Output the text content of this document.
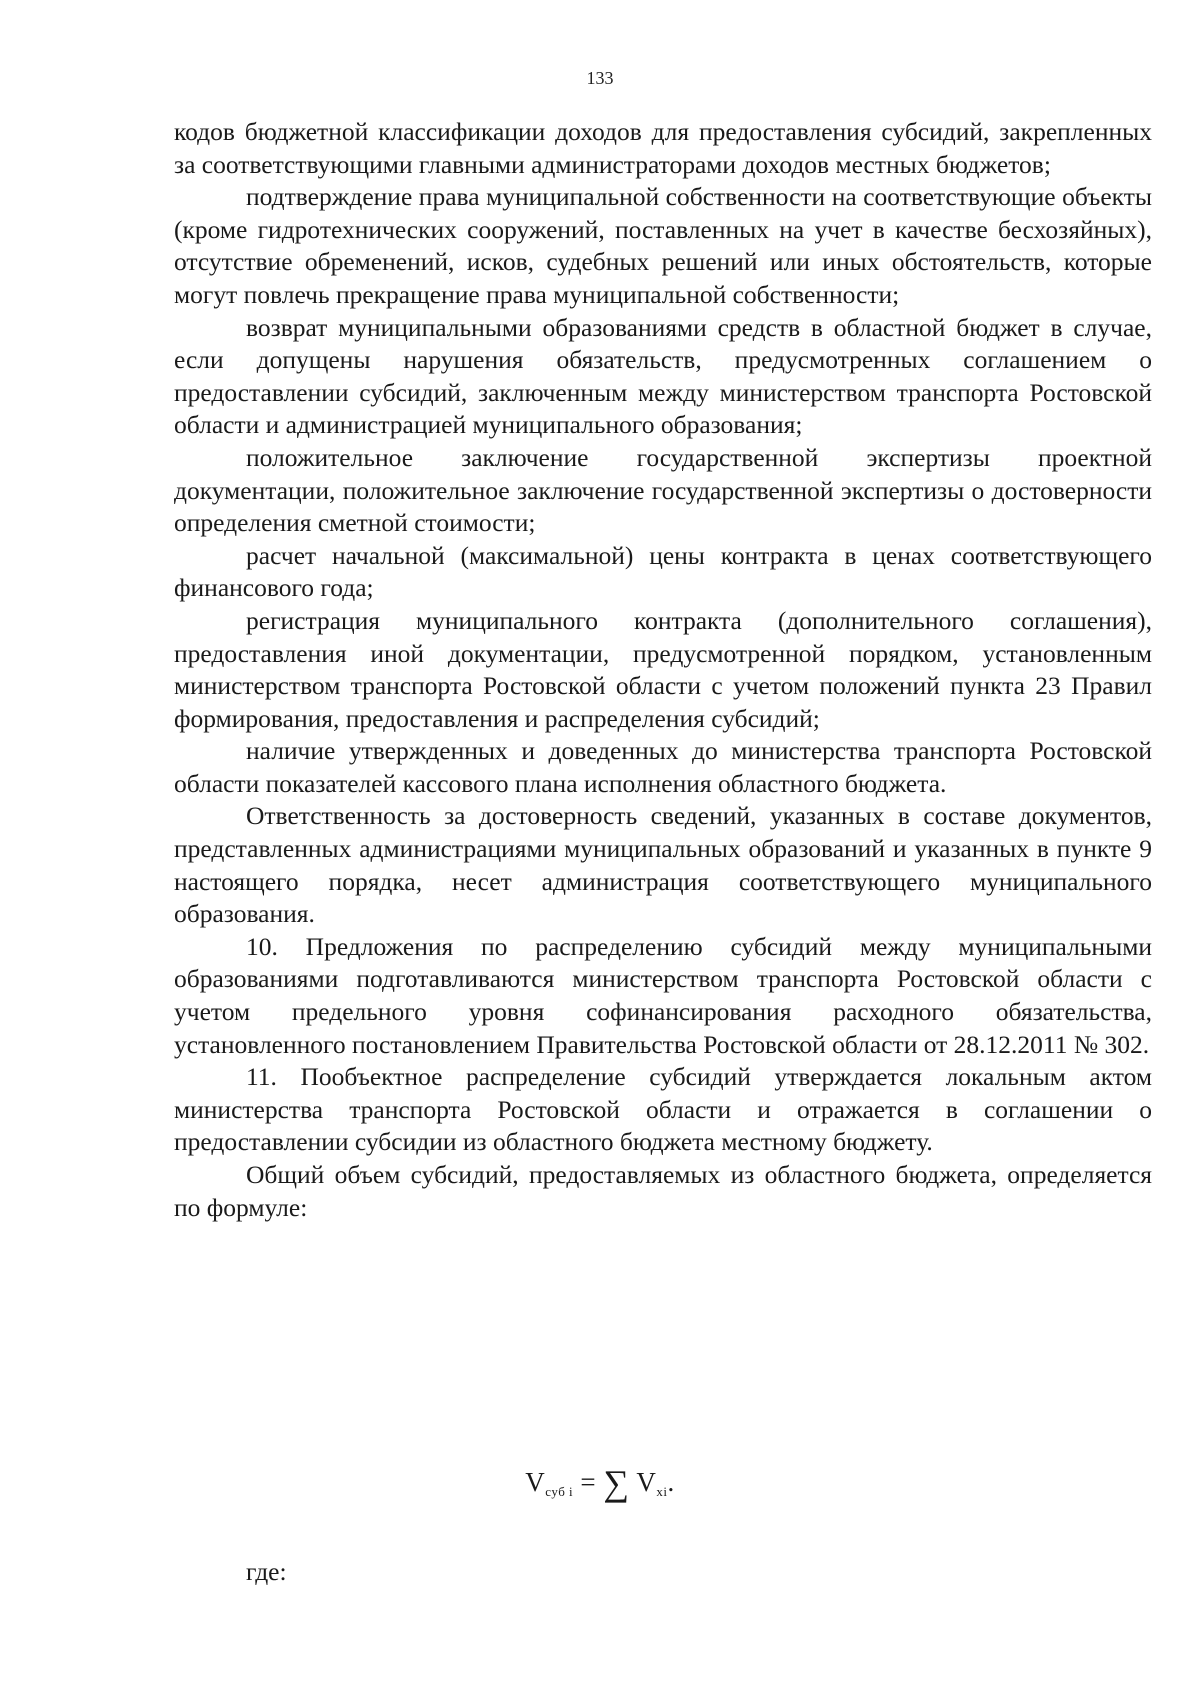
133

кодов бюджетной классификации доходов для предоставления субсидий, закрепленных за соответствующими главными администраторами доходов местных бюджетов;

подтверждение права муниципальной собственности на соответствующие объекты (кроме гидротехнических сооружений, поставленных на учет в качестве бесхозяйных), отсутствие обременений, исков, судебных решений или иных обстоятельств, которые могут повлечь прекращение права муниципальной собственности;

возврат муниципальными образованиями средств в областной бюджет в случае, если допущены нарушения обязательств, предусмотренных соглашением о предоставлении субсидий, заключенным между министерством транспорта Ростовской области и администрацией муниципального образования;

положительное заключение государственной экспертизы проектной документации, положительное заключение государственной экспертизы о достоверности определения сметной стоимости;

расчет начальной (максимальной) цены контракта в ценах соответствующего финансового года;

регистрация муниципального контракта (дополнительного соглашения), предоставления иной документации, предусмотренной порядком, установленным министерством транспорта Ростовской области с учетом положений пункта 23 Правил формирования, предоставления и распределения субсидий;

наличие утвержденных и доведенных до министерства транспорта Ростовской области показателей кассового плана исполнения областного бюджета.

Ответственность за достоверность сведений, указанных в составе документов, представленных администрациями муниципальных образований и указанных в пункте 9 настоящего порядка, несет администрация соответствующего муниципального образования.

10. Предложения по распределению субсидий между муниципальными образованиями подготавливаются министерством транспорта Ростовской области с учетом предельного уровня софинансирования расходного обязательства, установленного постановлением Правительства Ростовской области от 28.12.2011 № 302.

11. Пообъектное распределение субсидий утверждается локальным актом министерства транспорта Ростовской области и отражается в соглашении о предоставлении субсидии из областного бюджета местному бюджету.

Общий объем субсидий, предоставляемых из областного бюджета, определяется по формуле:

$V_{суб i}$ = ∑ $V_{xi}$.
где:
